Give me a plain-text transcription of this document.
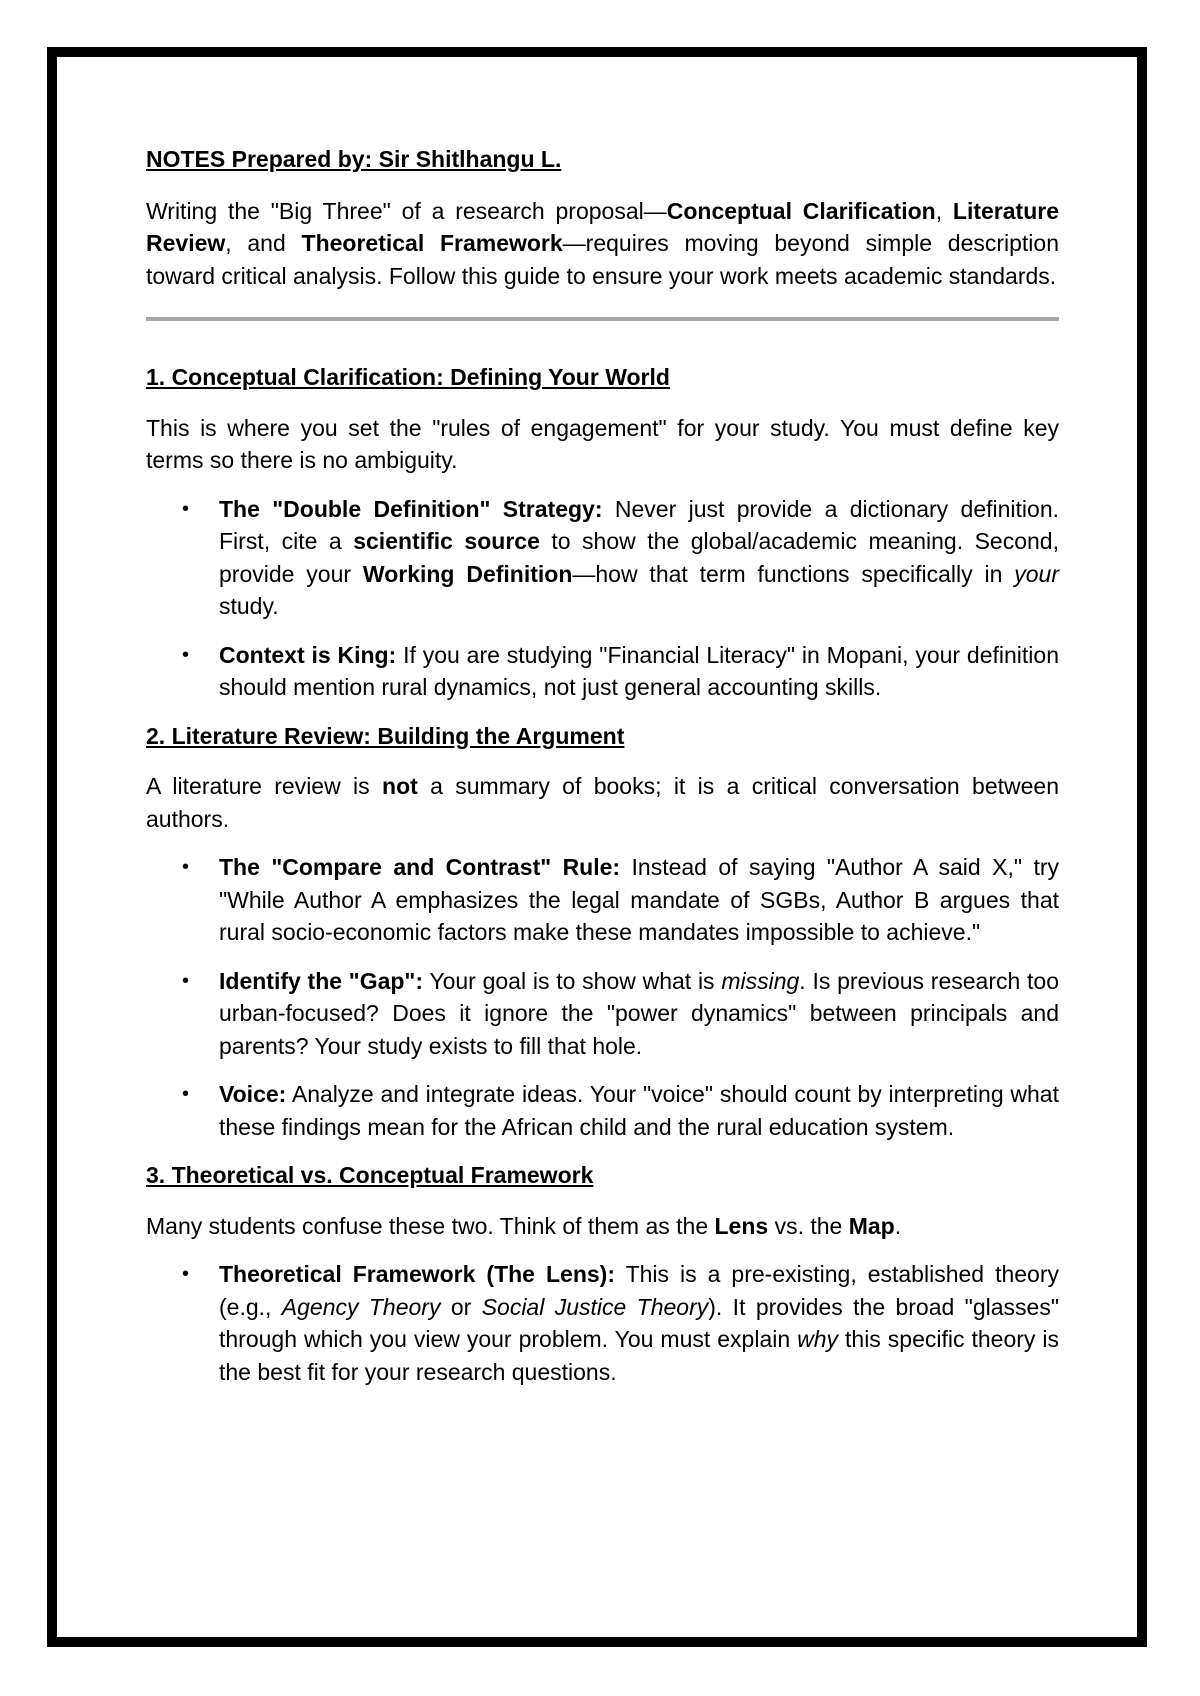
NOTES Prepared by: Sir Shitlhangu L.

Writing the "Big Three" of a research proposal—Conceptual Clarification, Literature Review, and Theoretical Framework—requires moving beyond simple description toward critical analysis. Follow this guide to ensure your work meets academic standards.

1. Conceptual Clarification: Defining Your World

This is where you set the "rules of engagement" for your study. You must define key terms so there is no ambiguity.

• The "Double Definition" Strategy: Never just provide a dictionary definition. First, cite a scientific source to show the global/academic meaning. Second, provide your Working Definition—how that term functions specifically in your study.
• Context is King: If you are studying "Financial Literacy" in Mopani, your definition should mention rural dynamics, not just general accounting skills.

2. Literature Review: Building the Argument

A literature review is not a summary of books; it is a critical conversation between authors.

• The "Compare and Contrast" Rule: Instead of saying "Author A said X," try "While Author A emphasizes the legal mandate of SGBs, Author B argues that rural socio-economic factors make these mandates impossible to achieve."
• Identify the "Gap": Your goal is to show what is missing. Is previous research too urban-focused? Does it ignore the "power dynamics" between principals and parents? Your study exists to fill that hole.
• Voice: Analyze and integrate ideas. Your "voice" should count by interpreting what these findings mean for the African child and the rural education system.

3. Theoretical vs. Conceptual Framework

Many students confuse these two. Think of them as the Lens vs. the Map.

• Theoretical Framework (The Lens): This is a pre-existing, established theory (e.g., Agency Theory or Social Justice Theory). It provides the broad "glasses" through which you view your problem. You must explain why this specific theory is the best fit for your research questions.
